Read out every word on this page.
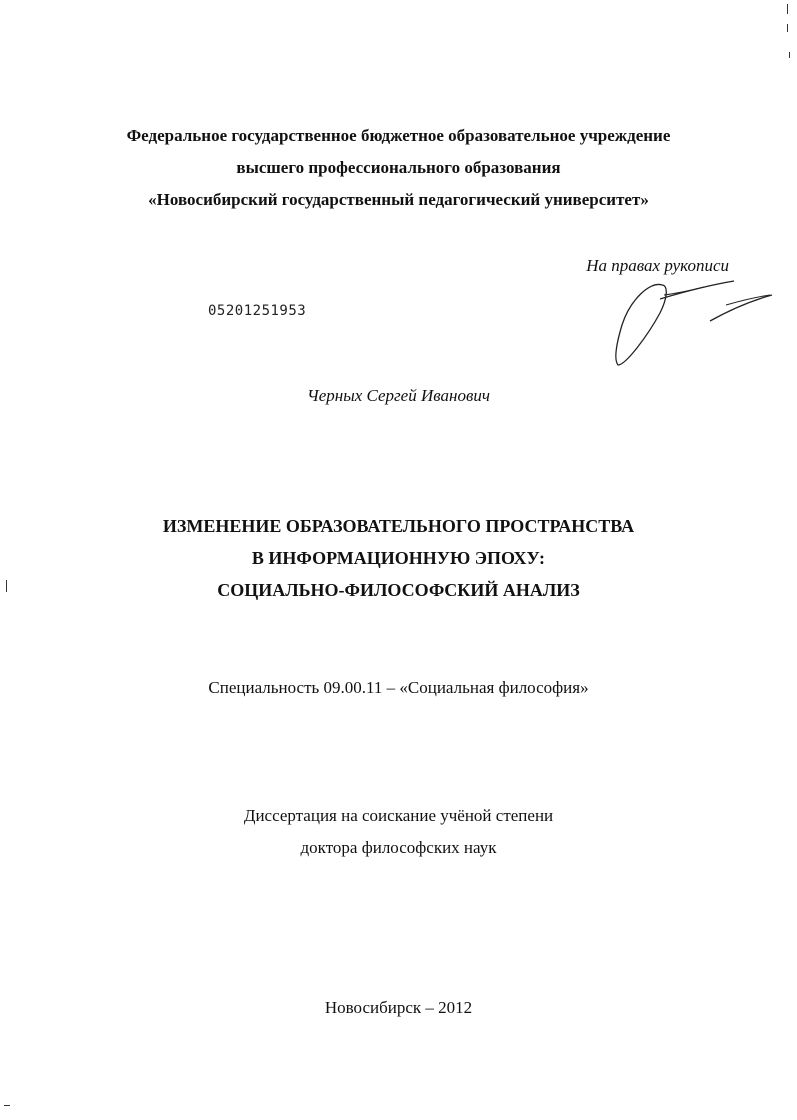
Федеральное государственное бюджетное образовательное учреждение
высшего профессионального образования
«Новосибирский государственный педагогический университет»
На правах рукописи
05201251953
Черных Сергей Иванович
ИЗМЕНЕНИЕ ОБРАЗОВАТЕЛЬНОГО ПРОСТРАНСТВА
В ИНФОРМАЦИОННУЮ ЭПОХУ:
СОЦИАЛЬНО-ФИЛОСОФСКИЙ АНАЛИЗ
Специальность 09.00.11 – «Социальная философия»
Диссертация на соискание учёной степени
доктора философских наук
Новосибирск – 2012
